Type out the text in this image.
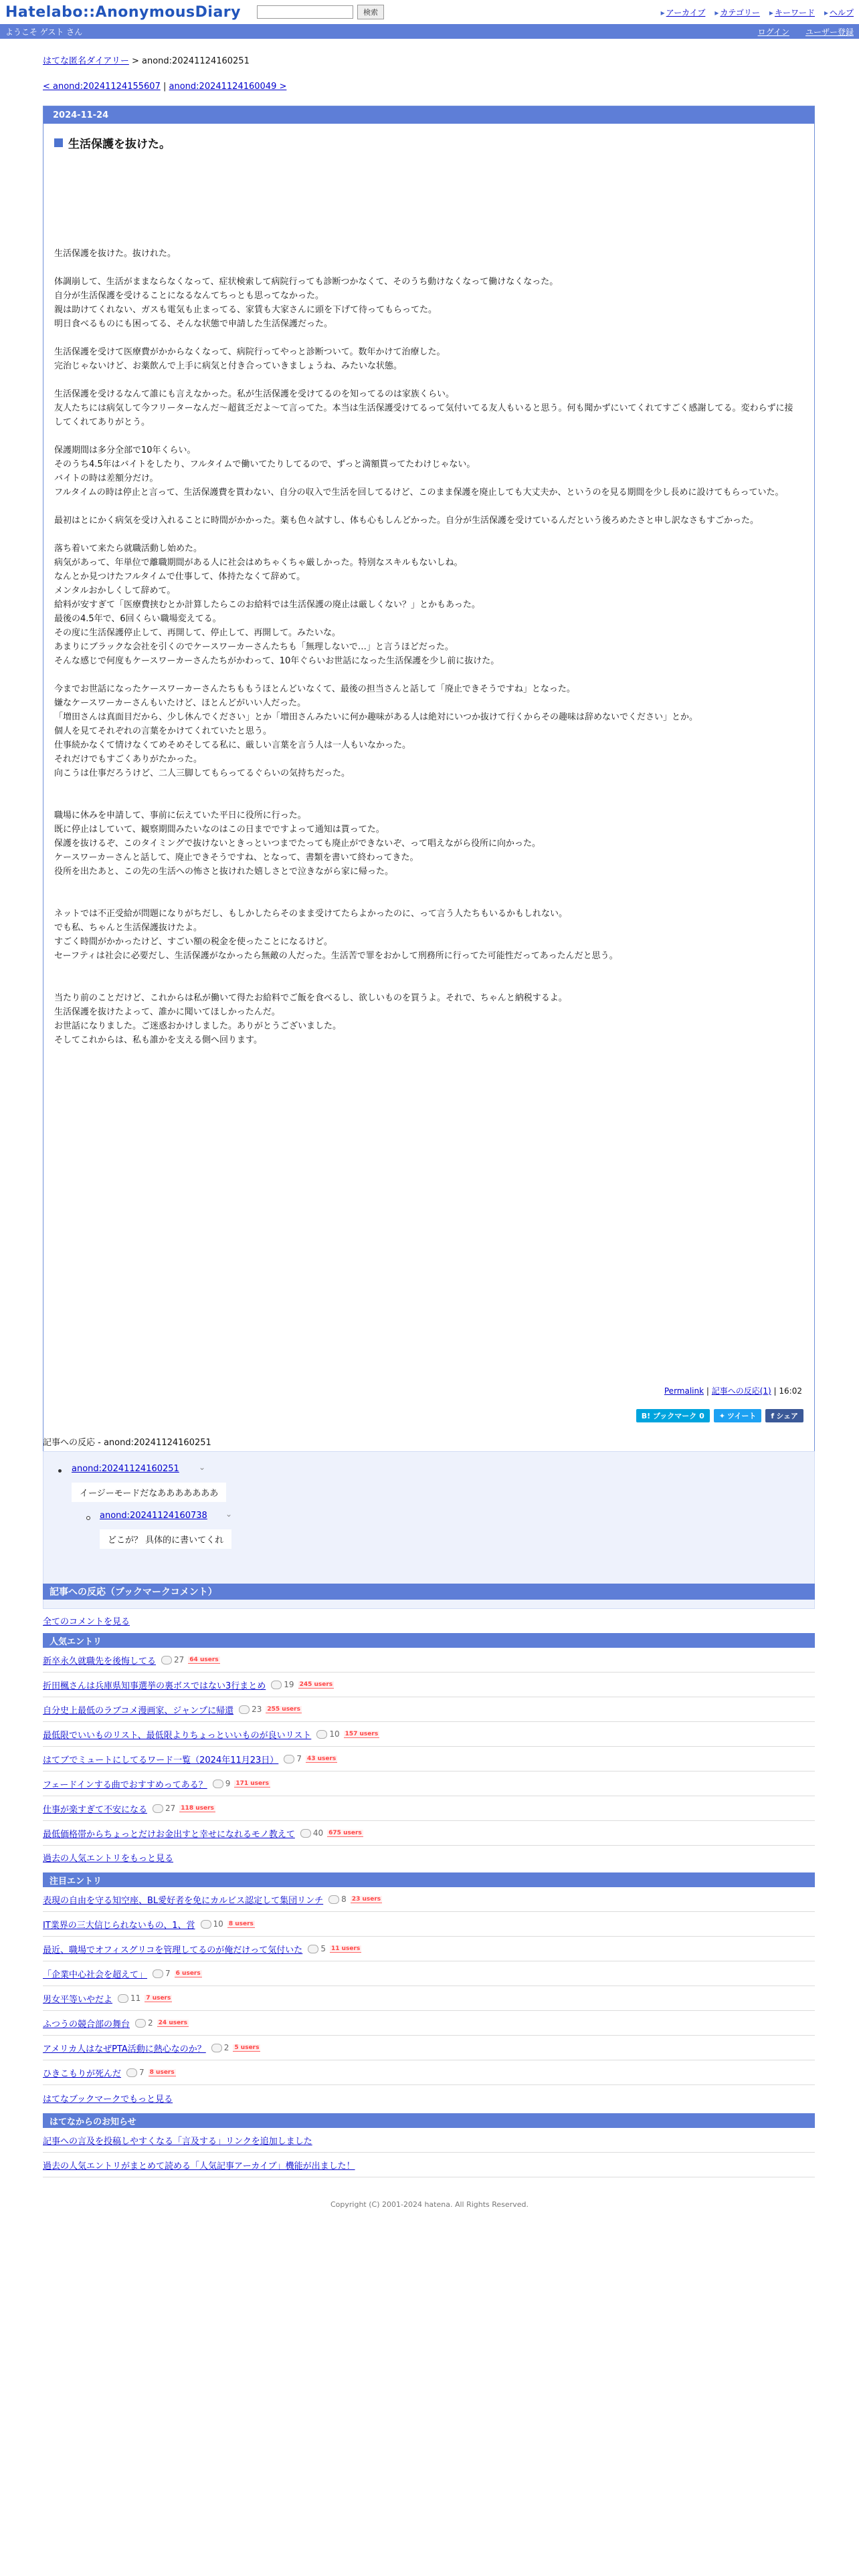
Hatelabo::AnonymousDiary	検索	▸ アーカイブ	▸ カテゴリー	▸ キーワード	▸ ヘルプ
ようこそ ゲスト さん	ログイン ユーザー登録
はてな匿名ダイアリー > anond:20241124160251
< anond:20241124155607 | anond:20241124160049 >
2024-11-24
生活保護を抜けた。
生活保護を抜けた。抜けれた。
体調崩して、生活がままならなくなって、症状検索して病院行っても診断つかなくて、そのうち動けなくなって働けなくなった。
自分が生活保護を受けることになるなんてちっとも思ってなかった。
親は助けてくれない、ガスも電気も止まってる、家賃も大家さんに頭を下げて待ってもらってた。
明日食べるものにも困ってる、そんな状態で申請した生活保護だった。
生活保護を受けて医療費がかからなくなって、病院行ってやっと診断ついて。数年かけて治療した。
完治じゃないけど、お薬飲んで上手に病気と付き合っていきましょうね、みたいな状態。
生活保護を受けるなんて誰にも言えなかった。私が生活保護を受けてるのを知ってるのは家族くらい。
友人たちには病気して今フリーターなんだ〜超貧乏だよ〜て言ってた。本当は生活保護受けてるって気付いてる友人もいると思う。何も聞かずにいてくれてすごく感謝してる。変わらずに接してくれてありがとう。
保護期間は多分全部で10年くらい。
そのうち4.5年はバイトをしたり、フルタイムで働いてたりしてるので、ずっと満額貰ってたわけじゃない。
バイトの時は差額分だけ。
フルタイムの時は停止と言って、生活保護費を貰わない、自分の収入で生活を回してるけど、このまま保護を廃止しても大丈夫か、というのを見る期間を少し長めに設けてもらっていた。
最初はとにかく病気を受け入れることに時間がかかった。薬も色々試すし、体も心もしんどかった。自分が生活保護を受けているんだという後ろめたさと申し訳なさもすごかった。
落ち着いて来たら就職活動し始めた。
病気があって、年単位で離職期間がある人に社会はめちゃくちゃ厳しかった。特別なスキルもないしね。
なんとか見つけたフルタイムで仕事して、体持たなくて辞めて。
メンタルおかしくして辞めて。
給料が安すぎて「医療費挟むとか計算したらこのお給料では生活保護の廃止は厳しくない？」とかもあった。
最後の4.5年で、6回くらい職場変えてる。
その度に生活保護停止して、再開して、停止して、再開して。みたいな。
あまりにブラックな会社を引くのでケースワーカーさんたちも「無理しないで…」と言うほどだった。
そんな感じで何度もケースワーカーさんたちがかわって、10年ぐらいお世話になった生活保護を少し前に抜けた。
今までお世話になったケースワーカーさんたちももうほとんどいなくて、最後の担当さんと話して「廃止できそうですね」となった。
嫌なケースワーカーさんもいたけど、ほとんどがいい人だった。
「増田さんは真面目だから、少し休んでください」とか「増田さんみたいに何か趣味がある人は絶対にいつか抜けて行くからその趣味は辞めないでください」とか。
個人を見てそれぞれの言葉をかけてくれていたと思う。
仕事続かなくて情けなくてめそめそしてる私に、厳しい言葉を言う人は一人もいなかった。
それだけでもすごくありがたかった。
向こうは仕事だろうけど、二人三脚してもらってるぐらいの気持ちだった。
職場に休みを申請して、事前に伝えていた平日に役所に行った。
既に停止はしていて、観察期間みたいなのはこの日までですよって通知は貰ってた。
保護を抜けるぞ、このタイミングで抜けないときっといつまでたっても廃止ができないぞ、って唱えながら役所に向かった。
ケースワーカーさんと話して、廃止できそうですね、となって、書類を書いて終わってきた。
役所を出たあと、この先の生活への怖さと抜けれた嬉しさとで泣きながら家に帰った。
ネットでは不正受給が問題になりがちだし、もしかしたらそのまま受けてたらよかったのに、って言う人たちもいるかもしれない。
でも私、ちゃんと生活保護抜けたよ。
すごく時間がかかったけど、すごい額の税金を使ったことになるけど。
セーフティは社会に必要だし、生活保護がなかったら無敵の人だった。生活苦で罪をおかして刑務所に行ってた可能性だってあったんだと思う。
当たり前のことだけど、これからは私が働いて得たお給料でご飯を食べるし、欲しいものを買うよ。それで、ちゃんと納税するよ。
生活保護を抜けたよって、誰かに聞いてほしかったんだ。
お世話になりました。ご迷惑おかけしました。ありがとうございました。
そしてこれからは、私も誰かを支える側へ回ります。
Permalink | 記事への反応(1) | 16:02
B! ブックマーク 0	✦ ツイート f シェア
記事への反応 - anond:20241124160251
anond:20241124160251 ⌄
イージーモードだなあああああああ
anond:20241124160738 ⌄
どこが？ 具体的に書いてくれ
記事への反応（ブックマークコメント）
全てのコメントを見る
人気エントリ
新卒永久就職先を後悔してる 27 64 users
折田楓さんは兵庫県知事選挙の裏ボスではない3行まとめ 19 245 users
自分史上最低のラブコメ漫画家、ジャンプに帰還 23 255 users
最低限でいいものリスト、最低限よりちょっといいものが良いリスト 10 157 users
はてブでミュートにしてるワード一覧（2024年11月23日） 7 43 users
フェードインする曲でおすすめってある？ 9 171 users
仕事が楽すぎて不安になる 27 118 users
最低価格帯からちょっとだけお金出すと幸せになれるモノ教えて 40 675 users
過去の人気エントリをもっと見る
注目エントリ
表現の自由を守る知空座、BL愛好者を免にカルビス認定して集団リンチ 8 23 users
IT業界の三大信じられないもの、1、営 10 8 users
最近、職場でオフィスグリコを管理してるのが俺だけって気付いた 5 11 users
「企業中心社会を超えて」 7 6 users
男女平等いやだよ 11 7 users
ふつうの競合部の舞台 2 24 users
アメリカ人はなぜPTA活動に熱心なのか？ 2 5 users
ひきこもりが死んだ 7 8 users
はてなブックマークでもっと見る
はてなからのお知らせ
記事への言及を投稿しやすくなる「言及する」リンクを追加しました
過去の人気エントリがまとめて読める「人気記事アーカイブ」機能が出ました！
Copyright (C) 2001-2024 hatena. All Rights Reserved.
